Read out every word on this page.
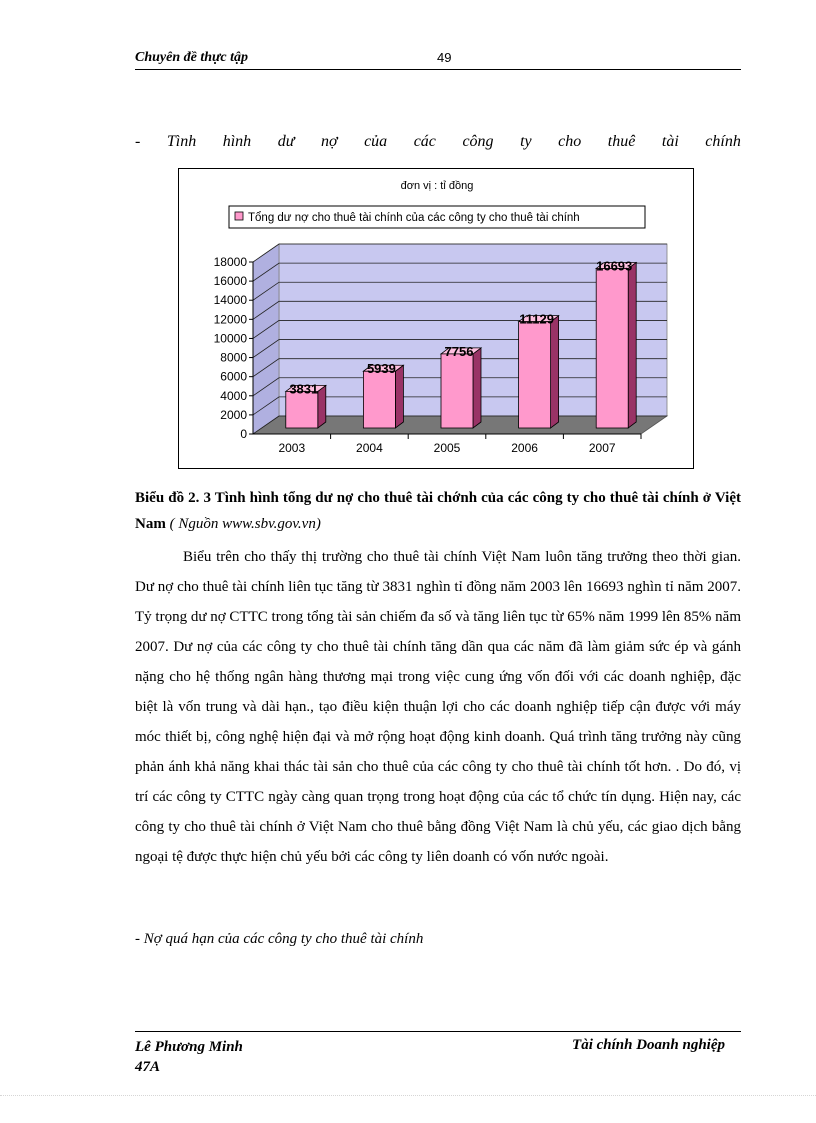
Chuyên đề thực tập	49
- Tình hình dư nợ của các công ty cho thuê tài chính
đơn vị : tỉ đồng
Tổng dư nợ cho thuê tài chính của các công ty cho thuê tài chính
0
2000
4000
6000
8000
10000
12000
14000
16000
18000
3831
2003
5939
2004
7756
2005
11129
2006
16693
2007
Biểu đồ 2. 3 Tình hình tổng dư nợ cho thuê tài chớnh của các công ty cho thuê tài chính ở Việt Nam ( Nguồn www.sbv.gov.vn)

Biểu trên cho thấy thị trường cho thuê tài chính Việt Nam luôn tăng trưởng theo thời gian. Dư nợ cho thuê tài chính liên tục tăng từ 3831 nghìn tỉ đồng năm 2003 lên 16693 nghìn tỉ năm 2007. Tỷ trọng dư nợ CTTC trong tổng tài sản chiếm đa số và tăng liên tục từ 65% năm 1999 lên 85% năm 2007. Dư nợ của các công ty cho thuê tài chính tăng dần qua các năm đã làm giảm sức ép và gánh nặng cho hệ thống ngân hàng thương mại trong việc cung ứng vốn đối với các doanh nghiệp, đặc biệt là vốn trung và dài hạn., tạo điều kiện thuận lợi cho các doanh nghiệp tiếp cận được với máy móc thiết bị, công nghệ hiện đại và mở rộng hoạt động kinh doanh. Quá trình tăng trưởng này cũng phản ánh khả năng khai thác tài sản cho thuê của các công ty cho thuê tài chính tốt hơn. . Do đó, vị trí các công ty CTTC ngày càng quan trọng trong hoạt động của các tổ chức tín dụng. Hiện nay, các công ty cho thuê tài chính ở Việt Nam cho thuê bằng đồng Việt Nam là chủ yếu, các giao dịch bằng ngoại tệ được thực hiện chủ yếu bởi các công ty liên doanh có vốn nước ngoài.

- Nợ quá hạn của các công ty cho thuê tài chính
Lê Phương Minh
47A
Tài chính Doanh nghiệp
